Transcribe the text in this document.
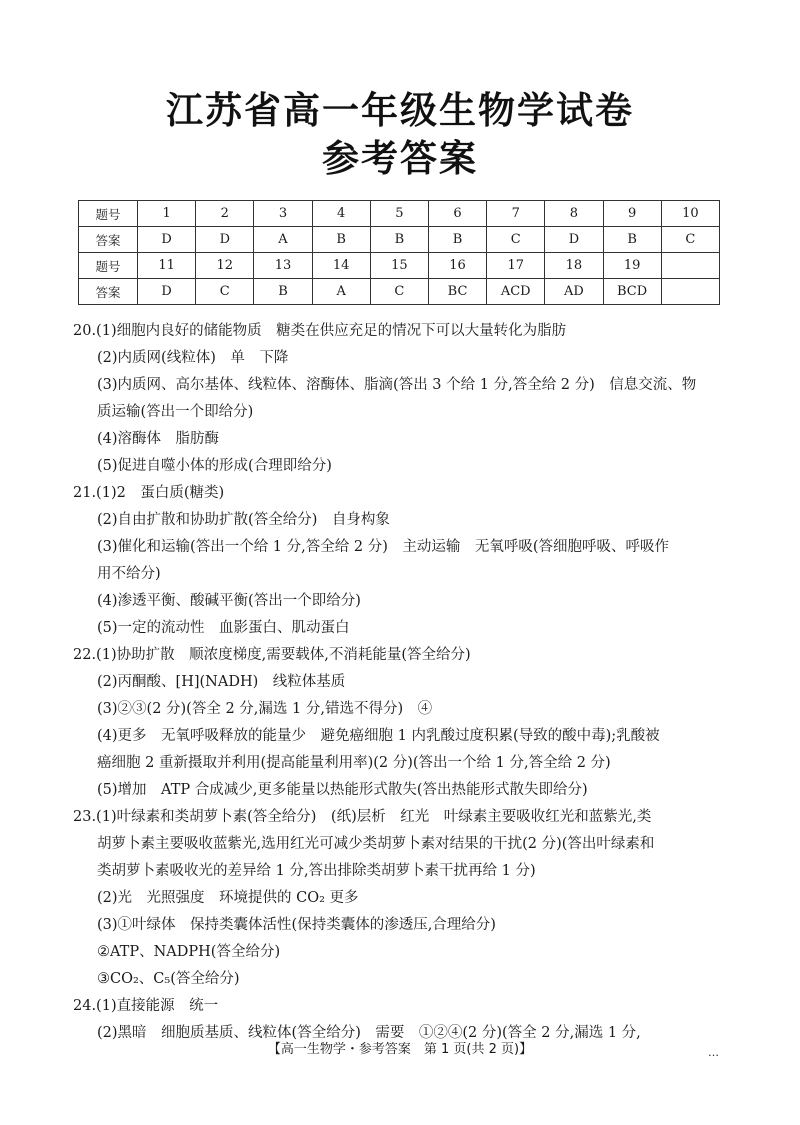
江苏省高一年级生物学试卷
参考答案
题号	1	2	3	4	5	6	7	8	9	10
答案	D	D	A	B	B	B	C	D	B	C
题号	11	12	13	14	15	16	17	18	19	
答案	D	C	B	A	C	BC	ACD	AD	BCD	
20.(1)细胞内良好的储能物质　糖类在供应充足的情况下可以大量转化为脂肪
(2)内质网(线粒体)　单　下降
(3)内质网、高尔基体、线粒体、溶酶体、脂滴(答出 3 个给 1 分,答全给 2 分)　信息交流、物
质运输(答出一个即给分)
(4)溶酶体　脂肪酶
(5)促进自噬小体的形成(合理即给分)
21.(1)2　蛋白质(糖类)
(2)自由扩散和协助扩散(答全给分)　自身构象
(3)催化和运输(答出一个给 1 分,答全给 2 分)　主动运输　无氧呼吸(答细胞呼吸、呼吸作
用不给分)
(4)渗透平衡、酸碱平衡(答出一个即给分)
(5)一定的流动性　血影蛋白、肌动蛋白
22.(1)协助扩散　顺浓度梯度,需要载体,不消耗能量(答全给分)
(2)丙酮酸、[H](NADH)　线粒体基质
(3)②③(2 分)(答全 2 分,漏选 1 分,错选不得分)　④
(4)更多　无氧呼吸释放的能量少　避免癌细胞 1 内乳酸过度积累(导致的酸中毒);乳酸被
癌细胞 2 重新摄取并利用(提高能量利用率)(2 分)(答出一个给 1 分,答全给 2 分)
(5)增加　ATP 合成减少,更多能量以热能形式散失(答出热能形式散失即给分)
23.(1)叶绿素和类胡萝卜素(答全给分)　(纸)层析　红光　叶绿素主要吸收红光和蓝紫光,类
胡萝卜素主要吸收蓝紫光,选用红光可减少类胡萝卜素对结果的干扰(2 分)(答出叶绿素和
类胡萝卜素吸收光的差异给 1 分,答出排除类胡萝卜素干扰再给 1 分)
(2)光　光照强度　环境提供的 CO₂ 更多
(3)①叶绿体　保持类囊体活性(保持类囊体的渗透压,合理给分)
②ATP、NADPH(答全给分)
③CO₂、C₅(答全给分)
24.(1)直接能源　统一
(2)黑暗　细胞质基质、线粒体(答全给分)　需要　①②④(2 分)(答全 2 分,漏选 1 分,
【高一生物学・参考答案　第 1 页(共 2 页)】	…
